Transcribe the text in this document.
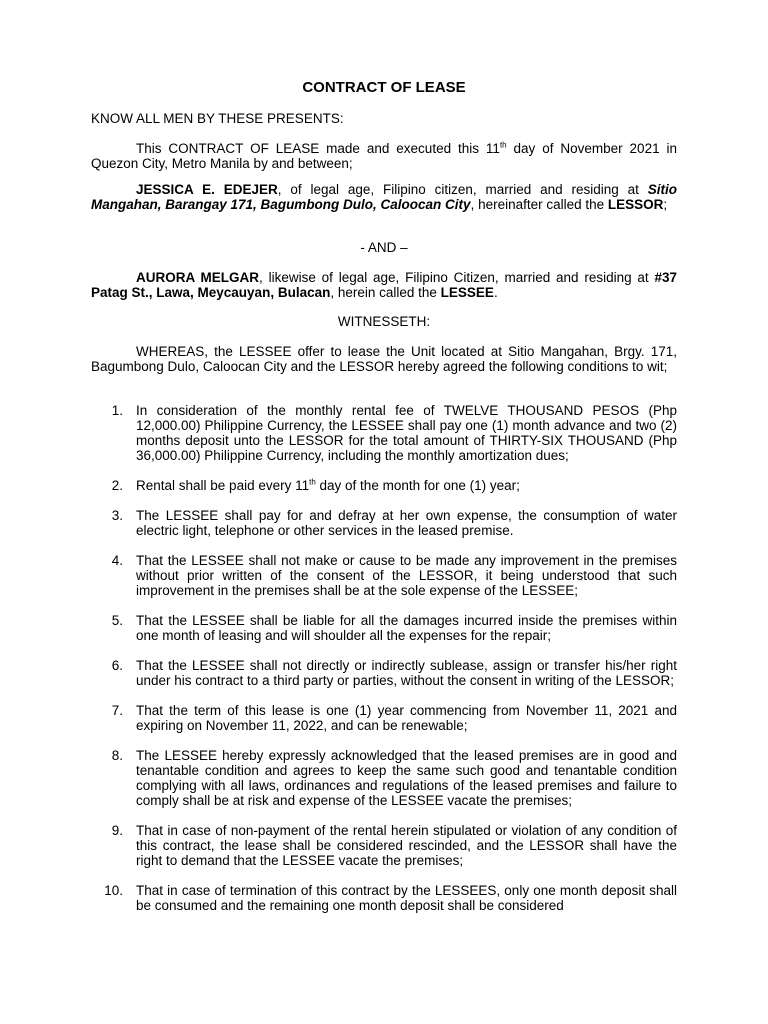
CONTRACT OF LEASE
KNOW ALL MEN BY THESE PRESENTS:
This CONTRACT OF LEASE made and executed this 11th day of November 2021 in Quezon City, Metro Manila by and between;
JESSICA E. EDEJER, of legal age, Filipino citizen, married and residing at Sitio Mangahan, Barangay 171, Bagumbong Dulo, Caloocan City, hereinafter called the LESSOR;
- AND –
AURORA MELGAR, likewise of legal age, Filipino Citizen, married and residing at #37 Patag St., Lawa, Meycauyan, Bulacan, herein called the LESSEE.
WITNESSETH:
WHEREAS, the LESSEE offer to lease the Unit located at Sitio Mangahan, Brgy. 171, Bagumbong Dulo, Caloocan City and the LESSOR hereby agreed the following conditions to wit;
1. In consideration of the monthly rental fee of TWELVE THOUSAND PESOS (Php 12,000.00) Philippine Currency, the LESSEE shall pay one (1) month advance and two (2) months deposit unto the LESSOR for the total amount of THIRTY-SIX THOUSAND (Php 36,000.00) Philippine Currency, including the monthly amortization dues;
2. Rental shall be paid every 11th day of the month for one (1) year;
3. The LESSEE shall pay for and defray at her own expense, the consumption of water electric light, telephone or other services in the leased premise.
4. That the LESSEE shall not make or cause to be made any improvement in the premises without prior written of the consent of the LESSOR, it being understood that such improvement in the premises shall be at the sole expense of the LESSEE;
5. That the LESSEE shall be liable for all the damages incurred inside the premises within one month of leasing and will shoulder all the expenses for the repair;
6. That the LESSEE shall not directly or indirectly sublease, assign or transfer his/her right under his contract to a third party or parties, without the consent in writing of the LESSOR;
7. That the term of this lease is one (1) year commencing from November 11, 2021 and expiring on November 11, 2022, and can be renewable;
8. The LESSEE hereby expressly acknowledged that the leased premises are in good and tenantable condition and agrees to keep the same such good and tenantable condition complying with all laws, ordinances and regulations of the leased premises and failure to comply shall be at risk and expense of the LESSEE vacate the premises;
9. That in case of non-payment of the rental herein stipulated or violation of any condition of this contract, the lease shall be considered rescinded, and the LESSOR shall have the right to demand that the LESSEE vacate the premises;
10. That in case of termination of this contract by the LESSEES, only one month deposit shall be consumed and the remaining one month deposit shall be considered
